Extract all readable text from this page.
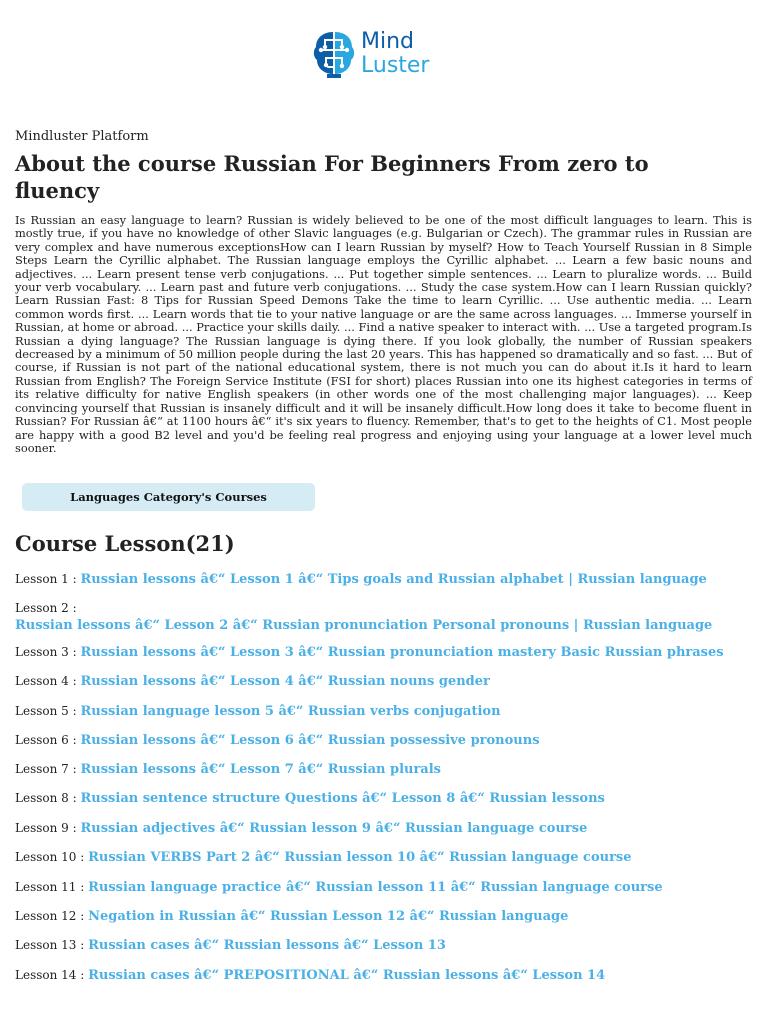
Mind
Luster
Mindluster Platform
About the course Russian For Beginners From zero to fluency

Is Russian an easy language to learn? Russian is widely believed to be one of the most difficult languages to learn. This is mostly true, if you have no knowledge of other Slavic languages (e.g. Bulgarian or Czech). The grammar rules in Russian are very complex and have numerous exceptionsHow can I learn Russian by myself? How to Teach Yourself Russian in 8 Simple Steps Learn the Cyrillic alphabet. The Russian language employs the Cyrillic alphabet. ... Learn a few basic nouns and adjectives. ... Learn present tense verb conjugations. ... Put together simple sentences. ... Learn to pluralize words. ... Build your verb vocabulary. ... Learn past and future verb conjugations. ... Study the case system.How can I learn Russian quickly? Learn Russian Fast: 8 Tips for Russian Speed Demons Take the time to learn Cyrillic. ... Use authentic media. ... Learn common words first. ... Learn words that tie to your native language or are the same across languages. ... Immerse yourself in Russian, at home or abroad. ... Practice your skills daily. ... Find a native speaker to interact with. ... Use a targeted program.Is Russian a dying language? The Russian language is dying there. If you look globally, the number of Russian speakers decreased by a minimum of 50 million people during the last 20 years. This has happened so dramatically and so fast. ... But of course, if Russian is not part of the national educational system, there is not much you can do about it.Is it hard to learn Russian from English? The Foreign Service Institute (FSI for short) places Russian into one its highest categories in terms of its relative difficulty for native English speakers (in other words one of the most challenging major languages). ... Keep convincing yourself that Russian is insanely difficult and it will be insanely difficult.How long does it take to become fluent in Russian? For Russian â€“ at 1100 hours â€“ it's six years to fluency. Remember, that's to get to the heights of C1. Most people are happy with a good B2 level and you'd be feeling real progress and enjoying using your language at a lower level much sooner.

Languages Category's Courses
Course Lesson(21)
Lesson 1 : Russian lessons â€“ Lesson 1 â€“ Tips goals and Russian alphabet | Russian language
Lesson 2 :
Russian lessons â€“ Lesson 2 â€“ Russian pronunciation Personal pronouns | Russian language
Lesson 3 : Russian lessons â€“ Lesson 3 â€“ Russian pronunciation mastery Basic Russian phrases
Lesson 4 : Russian lessons â€“ Lesson 4 â€“ Russian nouns gender
Lesson 5 : Russian language lesson 5 â€“ Russian verbs conjugation
Lesson 6 : Russian lessons â€“ Lesson 6 â€“ Russian possessive pronouns
Lesson 7 : Russian lessons â€“ Lesson 7 â€“ Russian plurals
Lesson 8 : Russian sentence structure Questions â€“ Lesson 8 â€“ Russian lessons
Lesson 9 : Russian adjectives â€“ Russian lesson 9 â€“ Russian language course
Lesson 10 : Russian VERBS Part 2 â€“ Russian lesson 10 â€“ Russian language course
Lesson 11 : Russian language practice â€“ Russian lesson 11 â€“ Russian language course
Lesson 12 : Negation in Russian â€“ Russian Lesson 12 â€“ Russian language
Lesson 13 : Russian cases â€“ Russian lessons â€“ Lesson 13
Lesson 14 : Russian cases â€“ PREPOSITIONAL â€“ Russian lessons â€“ Lesson 14
